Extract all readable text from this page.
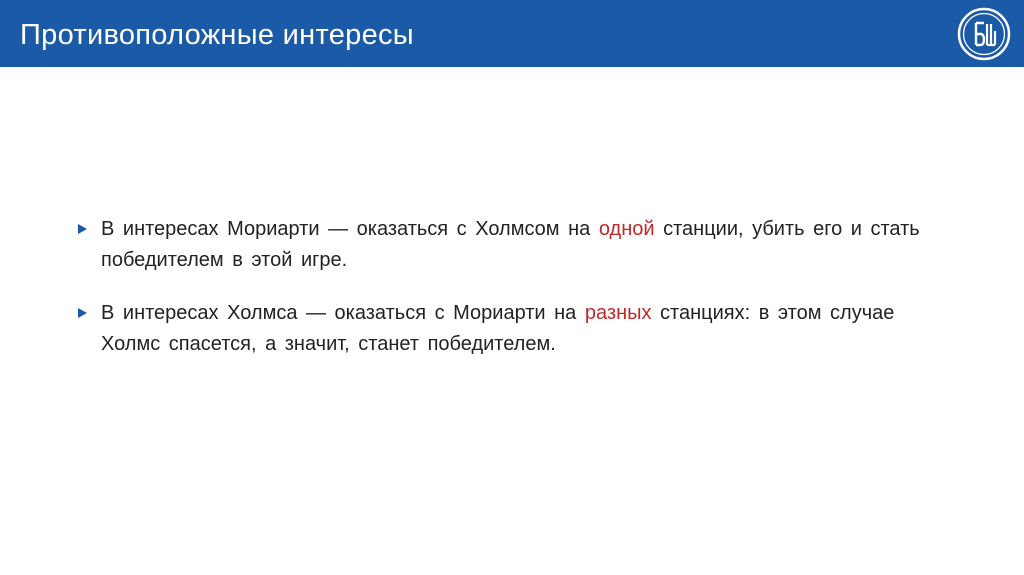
Противоположные интересы
В интересах Мориарти — оказаться с Холмсом на одной станции, убить его и стать победителем в этой игре.
В интересах Холмса — оказаться с Мориарти на разных станциях: в этом случае Холмс спасется, а значит, станет победителем.
